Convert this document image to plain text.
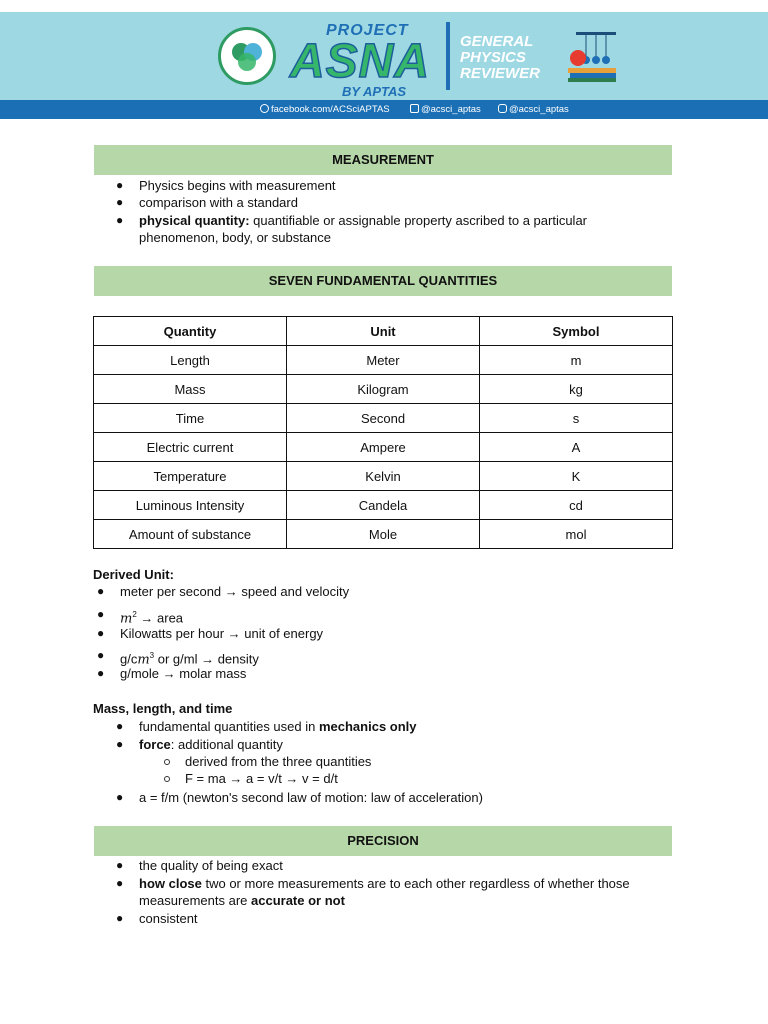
PROJECT
ASNA
BY APTAS
GENERAL
PHYSICS
REVIEWER
facebook.com/ACSciAPTAS	@acsci_aptas	@acsci_aptas
MEASUREMENT
● Physics begins with measurement
● comparison with a standard
● physical quantity: quantifiable or assignable property ascribed to a particular
phenomenon, body, or substance
SEVEN FUNDAMENTAL QUANTITIES
Quantity	Unit	Symbol
Length	Meter	m
Mass	Kilogram	kg
Time	Second	s
Electric current	Ampere	A
Temperature	Kelvin	K
Luminous Intensity	Candela	cd
Amount of substance	Mole	mol
Derived Unit:
● meter per second → speed and velocity
● $m^2$ → area
● Kilowatts per hour → unit of energy
● $g/cm^3$ or g/ml → density
● g/mole → molar mass
Mass, length, and time
● fundamental quantities used in mechanics only
● force: additional quantity
derived from the three quantities
F = ma → a = v/t → v = d/t
● a = f/m (newton's second law of motion: law of acceleration)
PRECISION
● the quality of being exact
● how close two or more measurements are to each other regardless of whether those
measurements are accurate or not
● consistent
